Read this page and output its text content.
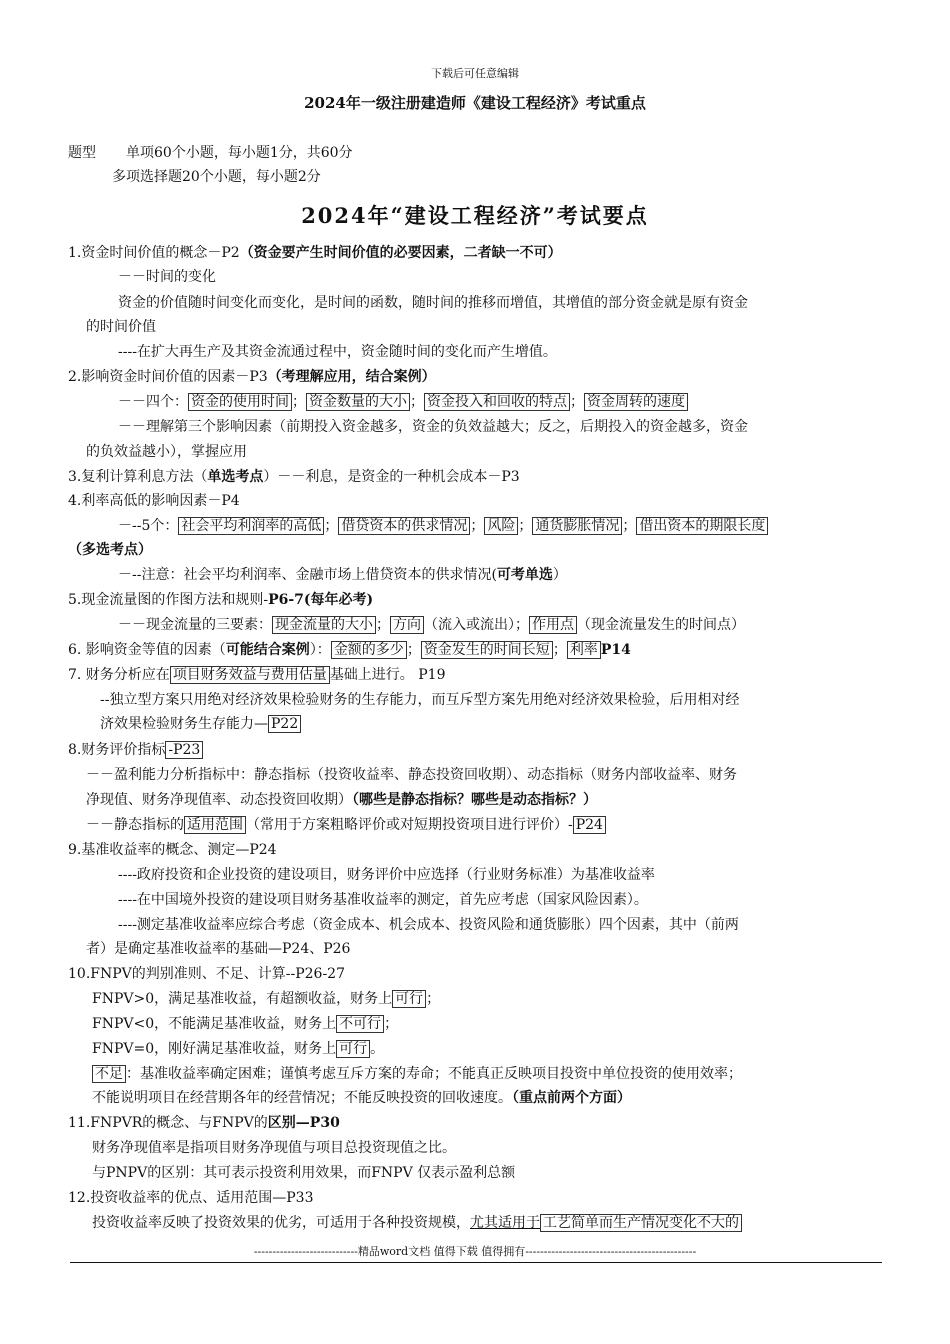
下载后可任意编辑
2024年一级注册建造师《建设工程经济》考试重点
题型 单项60个小题，每小题1分，共60分
多项选择题20个小题，每小题2分
2024年“建设工程经济”考试要点
1.资金时间价值的概念－P2（资金要产生时间价值的必要因素，二者缺一不可）
－－时间的变化
资金的价值随时间变化而变化，是时间的函数，随时间的推移而增值，其增值的部分资金就是原有资金
的时间价值
----在扩大再生产及其资金流通过程中，资金随时间的变化而产生增值。
2.影响资金时间价值的因素－P3（考理解应用，结合案例）
－－四个： 资金的使用时间 ； 资金数量的大小 ； 资金投入和回收的特点 ； 资金周转的速度
－－理解第三个影响因素（前期投入资金越多，资金的负效益越大；反之，后期投入的资金越多，资金
的负效益越小），掌握应用
3.复利计算利息方法（单选考点）－－利息，是资金的一种机会成本－P3
4.利率高低的影响因素－P4
－--5个： 社会平均利润率的高低 ； 借贷资本的供求情况 ； 风险 ； 通货膨胀情况 ； 借出资本的期限长度
（多选考点）
－--注意：社会平均利润率、金融市场上借贷资本的供求情况(可考单选）
5.现金流量图的作图方法和规则-P6-7(每年必考)
－－现金流量的三要素： 现金流量的大小 ； 方向 （流入或流出）； 作用点 （现金流量发生的时间点）
6. 影响资金等值的因素（可能结合案例）： 金额的多少 ； 资金发生的时间长短 ； 利率 P14
7. 财务分析应在 项目财务效益与费用估量 基础上进行。 P19
--独立型方案只用绝对经济效果检验财务的生存能力，而互斥型方案先用绝对经济效果检验，后用相对经
济效果检验财务生存能力— P22
8.财务评价指标 -P23
－－盈利能力分析指标中：静态指标（投资收益率、静态投资回收期）、动态指标（财务内部收益率、财务
净现值、财务净现值率、动态投资回收期）（哪些是静态指标？哪些是动态指标？）
－－静态指标的 适用范围 （常用于方案粗略评价或对短期投资项目进行评价）- P24
9.基准收益率的概念、测定—P24
----政府投资和企业投资的建设项目，财务评价中应选择（行业财务标准）为基准收益率
----在中国境外投资的建设项目财务基准收益率的测定，首先应考虑（国家风险因素）。
----测定基准收益率应综合考虑（资金成本、机会成本、投资风险和通货膨胀）四个因素，其中（前两
者）是确定基准收益率的基础—P24、P26
10.FNPV的判别准则、不足、计算--P26-27
FNPV>0，满足基准收益，有超额收益，财务上 可行 ；
FNPV<0，不能满足基准收益，财务上 不可行 ；
FNPV=0，刚好满足基准收益，财务上 可行 。
不足 ：基准收益率确定困难；谨慎考虑互斥方案的寿命；不能真正反映项目投资中单位投资的使用效率；
不能说明项目在经营期各年的经营情况；不能反映投资的回收速度。（重点前两个方面）
11.FNPVR的概念、与FNPV的区别—P30
财务净现值率是指项目财务净现值与项目总投资现值之比。
与PNPV的区别：其可表示投资利用效果，而FNPV 仅表示盈利总额
12.投资收益率的优点、适用范围—P33
投资收益率反映了投资效果的优劣，可适用于各种投资规模，尤其适用于 工艺简单而生产情况变化不大的
----------------------------精品word文档 值得下载 值得拥有----------------------------------------------
